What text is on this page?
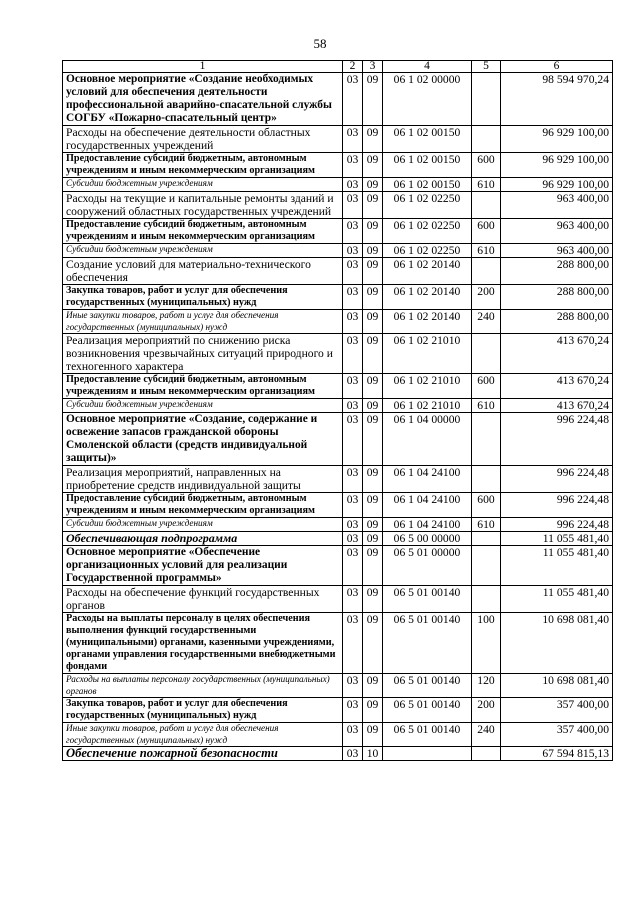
58
1	2	3	4	5	6
Основное мероприятие «Создание необходимых условий для обеспечения деятельности профессиональной аварийно-спасательной службы СОГБУ «Пожарно-спасательный центр»	03	09	06 1 02 00000		98 594 970,24
Расходы на обеспечение деятельности областных государственных учреждений	03	09	06 1 02 00150		96 929 100,00
Предоставление субсидий бюджетным, автономным учреждениям и иным некоммерческим организациям	03	09	06 1 02 00150	600	96 929 100,00
Субсидии бюджетным учреждениям	03	09	06 1 02 00150	610	96 929 100,00
Расходы на текущие и капитальные ремонты зданий и сооружений областных государственных учреждений	03	09	06 1 02 02250		963 400,00
Предоставление субсидий бюджетным, автономным учреждениям и иным некоммерческим организациям	03	09	06 1 02 02250	600	963 400,00
Субсидии бюджетным учреждениям	03	09	06 1 02 02250	610	963 400,00
Создание условий для материально-технического обеспечения	03	09	06 1 02 20140		288 800,00
Закупка товаров, работ и услуг для обеспечения государственных (муниципальных) нужд	03	09	06 1 02 20140	200	288 800,00
Иные закупки товаров, работ и услуг для обеспечения государственных (муниципальных) нужд	03	09	06 1 02 20140	240	288 800,00
Реализация мероприятий по снижению риска возникновения чрезвычайных ситуаций природного и техногенного характера	03	09	06 1 02 21010		413 670,24
Предоставление субсидий бюджетным, автономным учреждениям и иным некоммерческим организациям	03	09	06 1 02 21010	600	413 670,24
Субсидии бюджетным учреждениям	03	09	06 1 02 21010	610	413 670,24
Основное мероприятие «Создание, содержание и освежение запасов гражданской обороны Смоленской области (средств индивидуальной защиты)»	03	09	06 1 04 00000		996 224,48
Реализация мероприятий, направленных на приобретение средств индивидуальной защиты	03	09	06 1 04 24100		996 224,48
Предоставление субсидий бюджетным, автономным учреждениям и иным некоммерческим организациям	03	09	06 1 04 24100	600	996 224,48
Субсидии бюджетным учреждениям	03	09	06 1 04 24100	610	996 224,48
Обеспечивающая подпрограмма	03	09	06 5 00 00000		11 055 481,40
Основное мероприятие «Обеспечение организационных условий для реализации Государственной программы»	03	09	06 5 01 00000		11 055 481,40
Расходы на обеспечение функций государственных органов	03	09	06 5 01 00140		11 055 481,40
Расходы на выплаты персоналу в целях обеспечения выполнения функций государственными (муниципальными) органами, казенными учреждениями, органами управления государственными внебюджетными фондами	03	09	06 5 01 00140	100	10 698 081,40
Расходы на выплаты персоналу государственных (муниципальных) органов	03	09	06 5 01 00140	120	10 698 081,40
Закупка товаров, работ и услуг для обеспечения государственных (муниципальных) нужд	03	09	06 5 01 00140	200	357 400,00
Иные закупки товаров, работ и услуг для обеспечения государственных (муниципальных) нужд	03	09	06 5 01 00140	240	357 400,00
Обеспечение пожарной безопасности	03	10			67 594 815,13
